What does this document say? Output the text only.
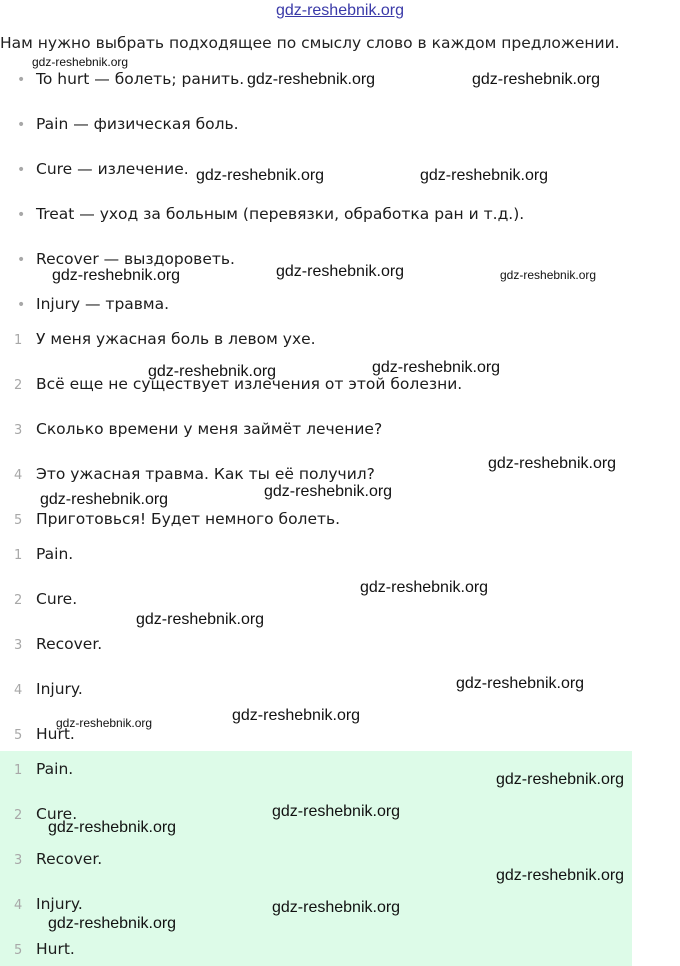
gdz-reshebnik.org
Нам нужно выбрать подходящее по смыслу слово в каждом предложении.
• To hurt — болеть; ранить.
• Pain — физическая боль.
• Cure — излечение.
• Treat — уход за больным (перевязки, обработка ран и т.д.).
• Recover — выздороветь.
• Injury — травма.
1 У меня ужасная боль в левом ухе.
2 Всё еще не существует излечения от этой болезни.
3 Сколько времени у меня займёт лечение?
4 Это ужасная травма. Как ты её получил?
5 Приготовься! Будет немного болеть.
1 Pain.
2 Cure.
3 Recover.
4 Injury.
5 Hurt.
1 Pain.
2 Cure.
3 Recover.
4 Injury.
5 Hurt.
gdz-reshebnik.org
gdz-reshebnik.org	gdz-reshebnik.org
gdz-reshebnik.org	gdz-reshebnik.org
gdz-reshebnik.org	gdz-reshebnik.org	gdz-reshebnik.org
gdz-reshebnik.org	gdz-reshebnik.org
gdz-reshebnik.org
gdz-reshebnik.org	gdz-reshebnik.org
gdz-reshebnik.org
gdz-reshebnik.org
gdz-reshebnik.org
gdz-reshebnik.org
gdz-reshebnik.org
gdz-reshebnik.org
gdz-reshebnik.org
gdz-reshebnik.org
gdz-reshebnik.org
gdz-reshebnik.org
gdz-reshebnik.org
